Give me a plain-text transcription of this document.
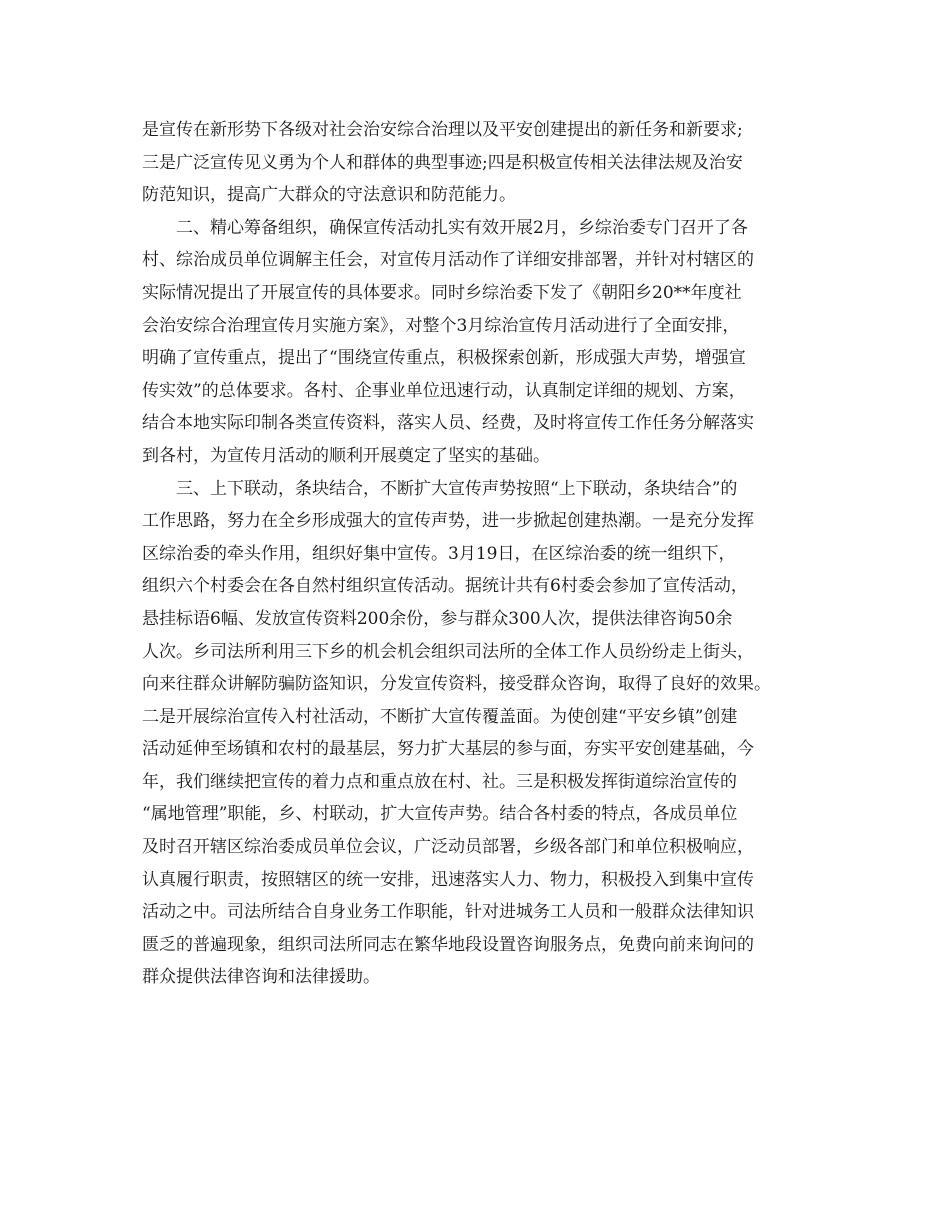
是宣传在新形势下各级对社会治安综合治理以及平安创建提出的新任务和新要求;
三是广泛宣传见义勇为个人和群体的典型事迹;四是积极宣传相关法律法规及治安
防范知识，提高广大群众的守法意识和防范能力。

　　二、精心筹备组织，确保宣传活动扎实有效开展2月，乡综治委专门召开了各
村、综治成员单位调解主任会，对宣传月活动作了详细安排部署，并针对村辖区的
实际情况提出了开展宣传的具体要求。同时乡综治委下发了《朝阳乡20**年度社
会治安综合治理宣传月实施方案》，对整个3月综治宣传月活动进行了全面安排，
明确了宣传重点，提出了“围绕宣传重点，积极探索创新，形成强大声势，增强宣
传实效”的总体要求。各村、企事业单位迅速行动，认真制定详细的规划、方案，
结合本地实际印制各类宣传资料，落实人员、经费，及时将宣传工作任务分解落实
到各村，为宣传月活动的顺利开展奠定了坚实的基础。

　　三、上下联动，条块结合，不断扩大宣传声势按照“上下联动，条块结合”的
工作思路，努力在全乡形成强大的宣传声势，进一步掀起创建热潮。一是充分发挥
区综治委的牵头作用，组织好集中宣传。3月19日，在区综治委的统一组织下，
组织六个村委会在各自然村组织宣传活动。据统计共有6村委会参加了宣传活动，
悬挂标语6幅、发放宣传资料200余份，参与群众300人次，提供法律咨询50余
人次。乡司法所利用三下乡的机会机会组织司法所的全体工作人员纷纷走上街头，
向来往群众讲解防骗防盗知识，分发宣传资料，接受群众咨询，取得了良好的效果。
二是开展综治宣传入村社活动，不断扩大宣传覆盖面。为使创建“平安乡镇”创建
活动延伸至场镇和农村的最基层，努力扩大基层的参与面，夯实平安创建基础，今
年，我们继续把宣传的着力点和重点放在村、社。三是积极发挥街道综治宣传的
“属地管理”职能，乡、村联动，扩大宣传声势。结合各村委的特点，各成员单位
及时召开辖区综治委成员单位会议，广泛动员部署，乡级各部门和单位积极响应，
认真履行职责，按照辖区的统一安排，迅速落实人力、物力，积极投入到集中宣传
活动之中。司法所结合自身业务工作职能，针对进城务工人员和一般群众法律知识
匮乏的普遍现象，组织司法所同志在繁华地段设置咨询服务点，免费向前来询问的
群众提供法律咨询和法律援助。
